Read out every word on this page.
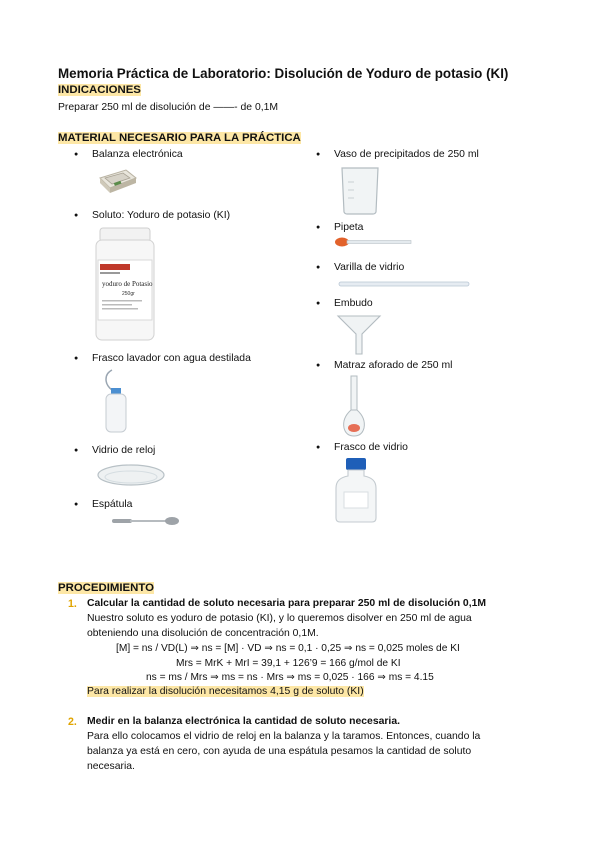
Memoria Práctica de Laboratorio: Disolución de Yoduro de potasio (KI)
INDICACIONES
Preparar 250 ml de disolución de ——- de 0,1M
MATERIAL NECESARIO PARA LA PRÁCTICA
● Balanza electrónica
● Soluto: Yoduro de potasio (KI)
yoduro de Potasio
250gr
● Frasco lavador con agua destilada
● Vidrio de reloj
● Espátula
● Vaso de precipitados de 250 ml
● Pipeta
● Varilla de vidrio
● Embudo
● Matraz aforado de 250 ml
● Frasco de vidrio
PROCEDIMIENTO
1. Calcular la cantidad de soluto necesaria para preparar 250 ml de disolución 0,1M
Nuestro soluto es yoduro de potasio (KI), y lo queremos disolver en 250 ml de agua
obteniendo una disolución de concentración 0,1M.
[M] = ns / VD(L) ⇒ ns = [M] · VD ⇒ ns = 0,1 · 0,25 ⇒ ns = 0,025 moles de KI
Mrs = MrK + MrI = 39,1 + 126’9 = 166 g/mol de KI
ns = ms / Mrs ⇒ ms = ns · Mrs ⇒ ms = 0,025 · 166 ⇒ ms = 4.15
Para realizar la disolución necesitamos 4,15 g de soluto (KI)
2. Medir en la balanza electrónica la cantidad de soluto necesaria.
Para ello colocamos el vidrio de reloj en la balanza y la taramos. Entonces, cuando la
balanza ya está en cero, con ayuda de una espátula pesamos la cantidad de soluto
necesaria.
